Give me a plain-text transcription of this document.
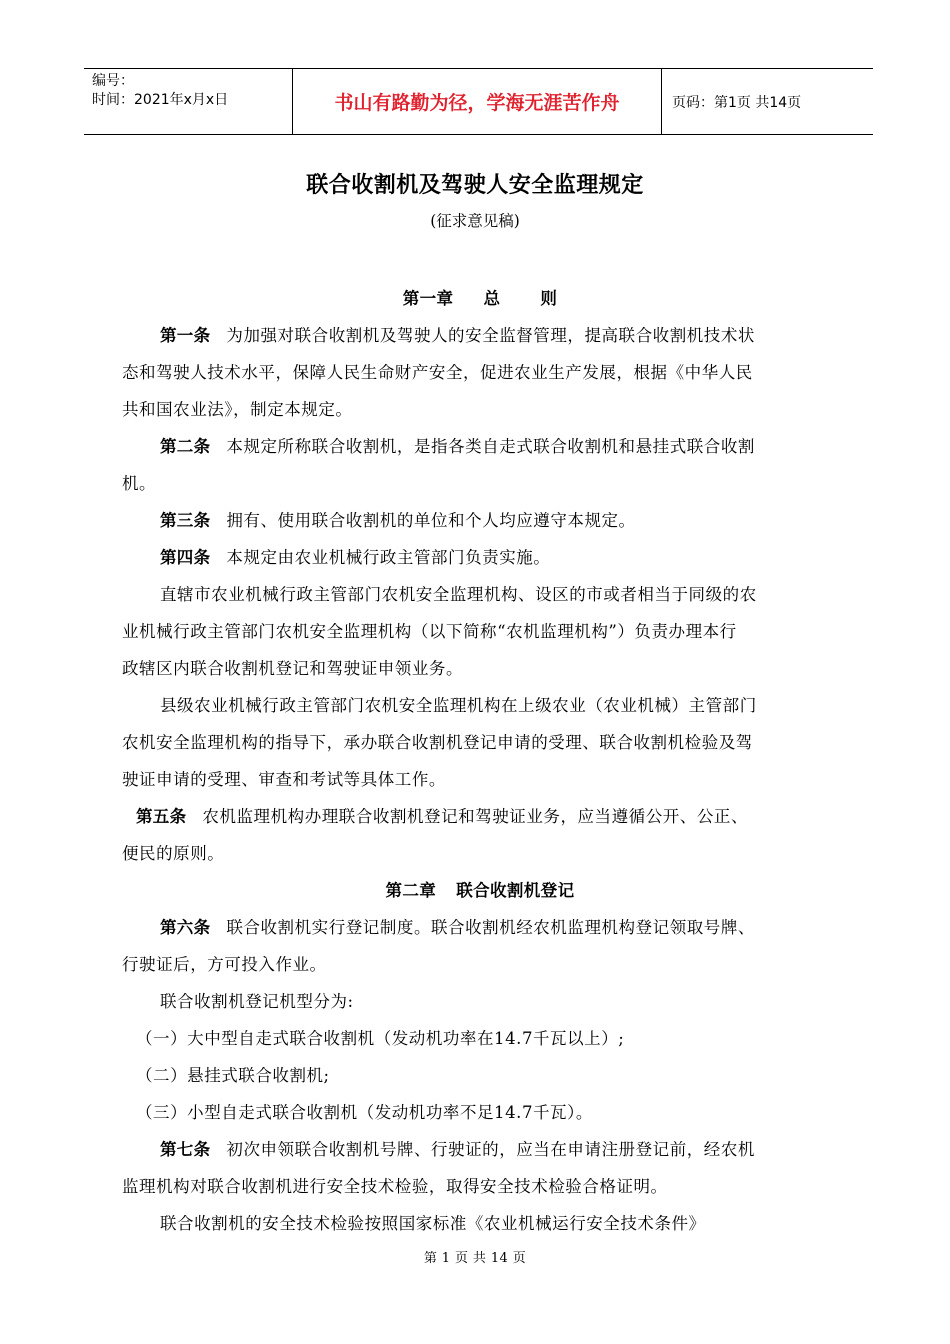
编号：
时间：2021年x月x日	书山有路勤为径，学海无涯苦作舟	页码：第1页 共14页
联合收割机及驾驶人安全监理规定
(征求意见稿)
第一章 总 则
第一条 为加强对联合收割机及驾驶人的安全监督管理，提高联合收割机技术状
态和驾驶人技术水平，保障人民生命财产安全，促进农业生产发展，根据《中华人民
共和国农业法》，制定本规定。
第二条 本规定所称联合收割机，是指各类自走式联合收割机和悬挂式联合收割
机。
第三条 拥有、使用联合收割机的单位和个人均应遵守本规定。
第四条 本规定由农业机械行政主管部门负责实施。
直辖市农业机械行政主管部门农机安全监理机构、设区的市或者相当于同级的农
业机械行政主管部门农机安全监理机构（以下简称“农机监理机构”）负责办理本行
政辖区内联合收割机登记和驾驶证申领业务。
县级农业机械行政主管部门农机安全监理机构在上级农业（农业机械）主管部门
农机安全监理机构的指导下，承办联合收割机登记申请的受理、联合收割机检验及驾
驶证申请的受理、审查和考试等具体工作。
第五条 农机监理机构办理联合收割机登记和驾驶证业务，应当遵循公开、公正、
便民的原则。
第二章 联合收割机登记
第六条 联合收割机实行登记制度。联合收割机经农机监理机构登记领取号牌、
行驶证后，方可投入作业。
联合收割机登记机型分为:
（一）大中型自走式联合收割机（发动机功率在14.7千瓦以上）;
（二）悬挂式联合收割机;
（三）小型自走式联合收割机（发动机功率不足14.7千瓦）。
第七条 初次申领联合收割机号牌、行驶证的，应当在申请注册登记前，经农机
监理机构对联合收割机进行安全技术检验，取得安全技术检验合格证明。
联合收割机的安全技术检验按照国家标准《农业机械运行安全技术条件》
第 1 页 共 14 页
